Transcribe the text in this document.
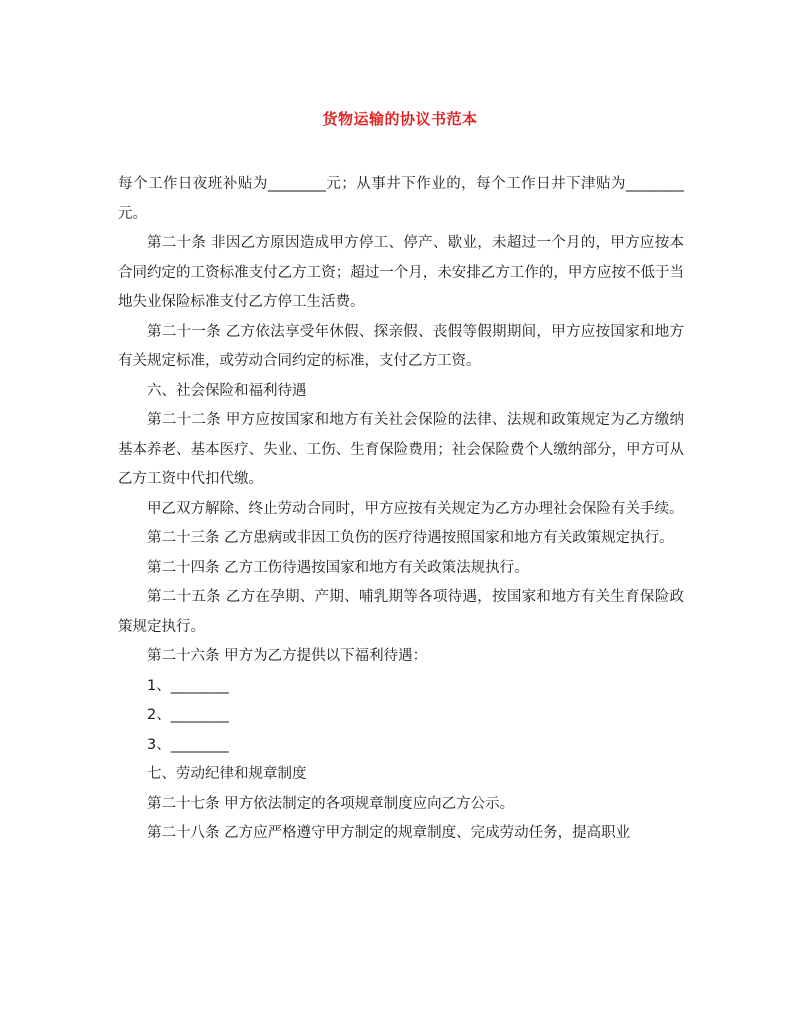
货物运输的协议书范本

每个工作日夜班补贴为________元；从事井下作业的，每个工作日井下津贴为________元。

第二十条 非因乙方原因造成甲方停工、停产、歇业，未超过一个月的，甲方应按本合同约定的工资标准支付乙方工资；超过一个月，未安排乙方工作的，甲方应按不低于当地失业保险标准支付乙方停工生活费。

第二十一条 乙方依法享受年休假、探亲假、丧假等假期期间，甲方应按国家和地方有关规定标准，或劳动合同约定的标准，支付乙方工资。

六、社会保险和福利待遇

第二十二条 甲方应按国家和地方有关社会保险的法律、法规和政策规定为乙方缴纳基本养老、基本医疗、失业、工伤、生育保险费用；社会保险费个人缴纳部分，甲方可从乙方工资中代扣代缴。

甲乙双方解除、终止劳动合同时，甲方应按有关规定为乙方办理社会保险有关手续。

第二十三条 乙方患病或非因工负伤的医疗待遇按照国家和地方有关政策规定执行。

第二十四条 乙方工伤待遇按国家和地方有关政策法规执行。

第二十五条 乙方在孕期、产期、哺乳期等各项待遇，按国家和地方有关生育保险政策规定执行。

第二十六条 甲方为乙方提供以下福利待遇：

1、________

2、________

3、________

七、劳动纪律和规章制度

第二十七条 甲方依法制定的各项规章制度应向乙方公示。

第二十八条 乙方应严格遵守甲方制定的规章制度、完成劳动任务，提高职业
